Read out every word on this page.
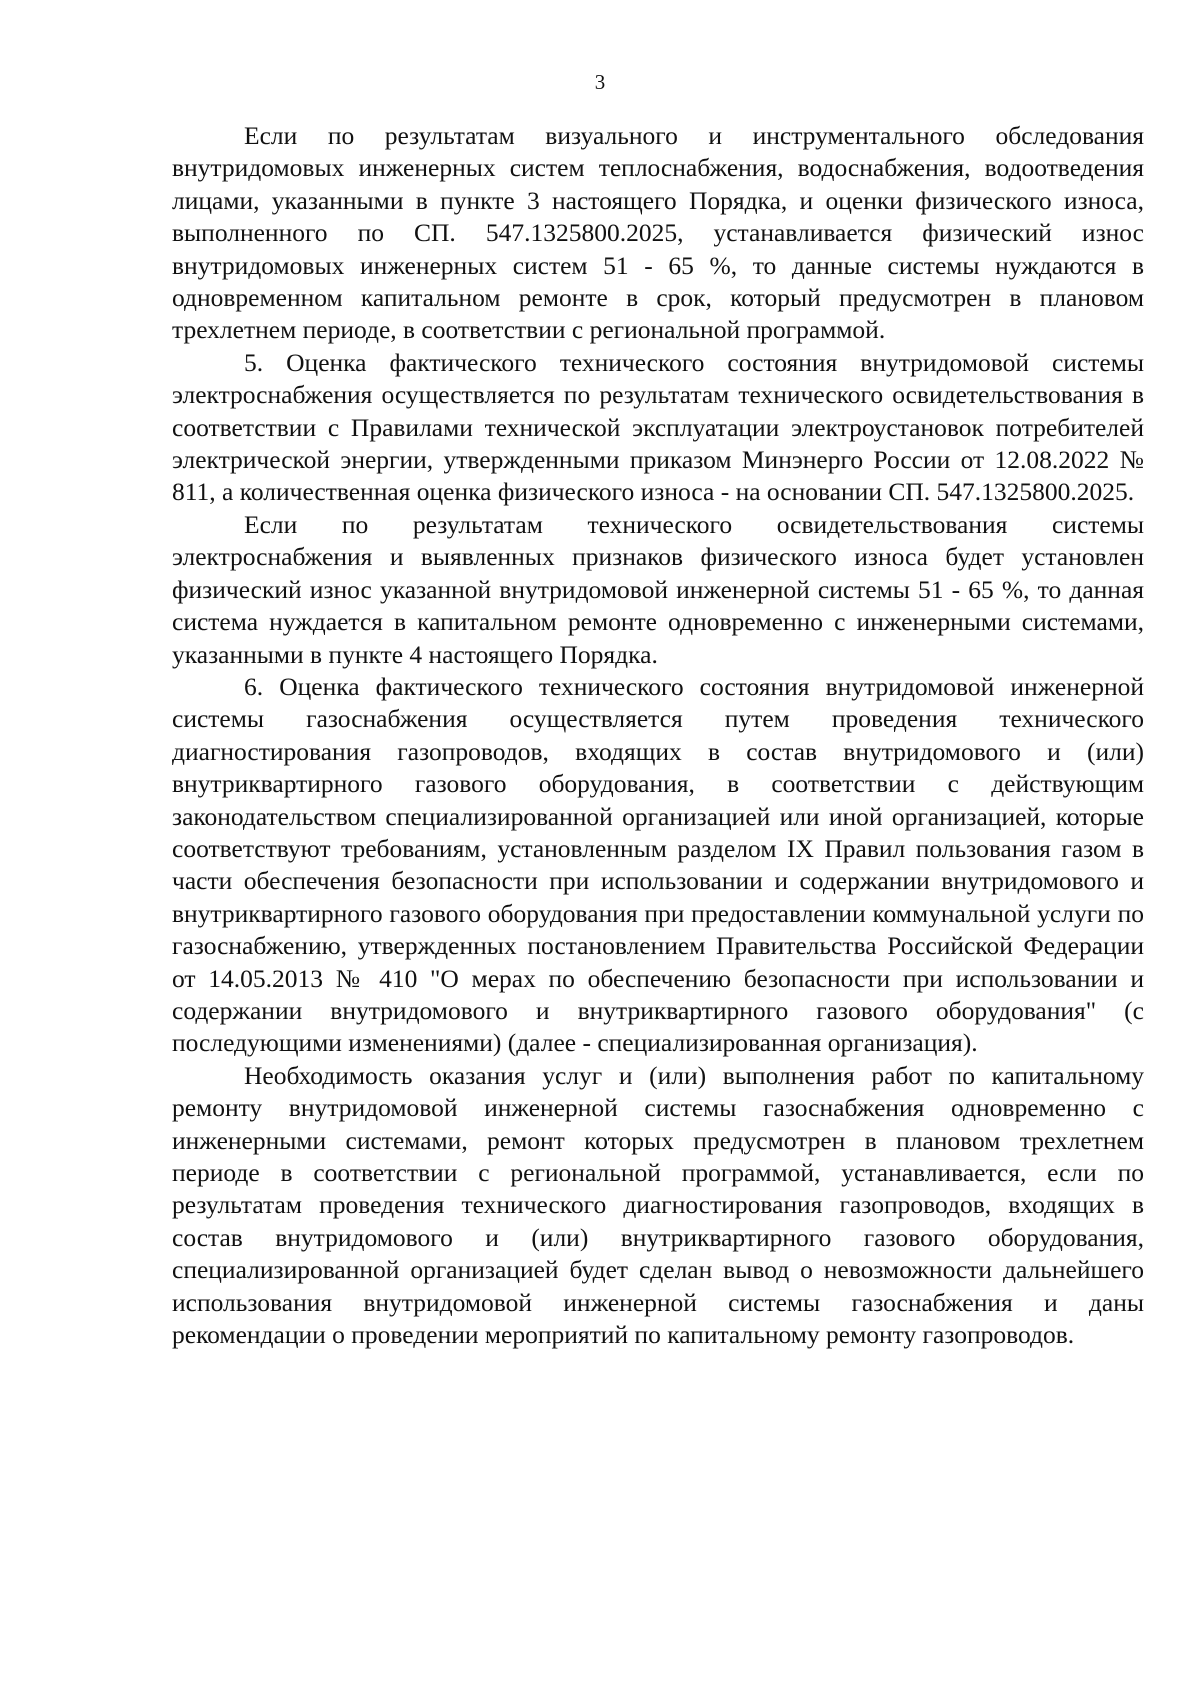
3

Если по результатам визуального и инструментального обследования внутридомовых инженерных систем теплоснабжения, водоснабжения, водоотведения лицами, указанными в пункте 3 настоящего Порядка, и оценки физического износа, выполненного по СП. 547.1325800.2025, устанавливается физический износ внутридомовых инженерных систем 51 - 65 %, то данные системы нуждаются в одновременном капитальном ремонте в срок, который предусмотрен в плановом трехлетнем периоде, в соответствии с региональной программой.

5. Оценка фактического технического состояния внутридомовой системы электроснабжения осуществляется по результатам технического освидетельствования в соответствии с Правилами технической эксплуатации электроустановок потребителей электрической энергии, утвержденными приказом Минэнерго России от 12.08.2022 № 811, а количественная оценка физического износа - на основании СП. 547.1325800.2025.

Если по результатам технического освидетельствования системы электроснабжения и выявленных признаков физического износа будет установлен физический износ указанной внутридомовой инженерной системы 51 - 65 %, то данная система нуждается в капитальном ремонте одновременно с инженерными системами, указанными в пункте 4 настоящего Порядка.

6. Оценка фактического технического состояния внутридомовой инженерной системы газоснабжения осуществляется путем проведения технического диагностирования газопроводов, входящих в состав внутридомового и (или) внутриквартирного газового оборудования, в соответствии с действующим законодательством специализированной организацией или иной организацией, которые соответствуют требованиям, установленным разделом IX Правил пользования газом в части обеспечения безопасности при использовании и содержании внутридомового и внутриквартирного газового оборудования при предоставлении коммунальной услуги по газоснабжению, утвержденных постановлением Правительства Российской Федерации от 14.05.2013 № 410 "О мерах по обеспечению безопасности при использовании и содержании внутридомового и внутриквартирного газового оборудования" (с последующими изменениями) (далее - специализированная организация).

Необходимость оказания услуг и (или) выполнения работ по капитальному ремонту внутридомовой инженерной системы газоснабжения одновременно с инженерными системами, ремонт которых предусмотрен в плановом трехлетнем периоде в соответствии с региональной программой, устанавливается, если по результатам проведения технического диагностирования газопроводов, входящих в состав внутридомового и (или) внутриквартирного газового оборудования, специализированной организацией будет сделан вывод о невозможности дальнейшего использования внутридомовой инженерной системы газоснабжения и даны рекомендации о проведении мероприятий по капитальному ремонту газопроводов.
